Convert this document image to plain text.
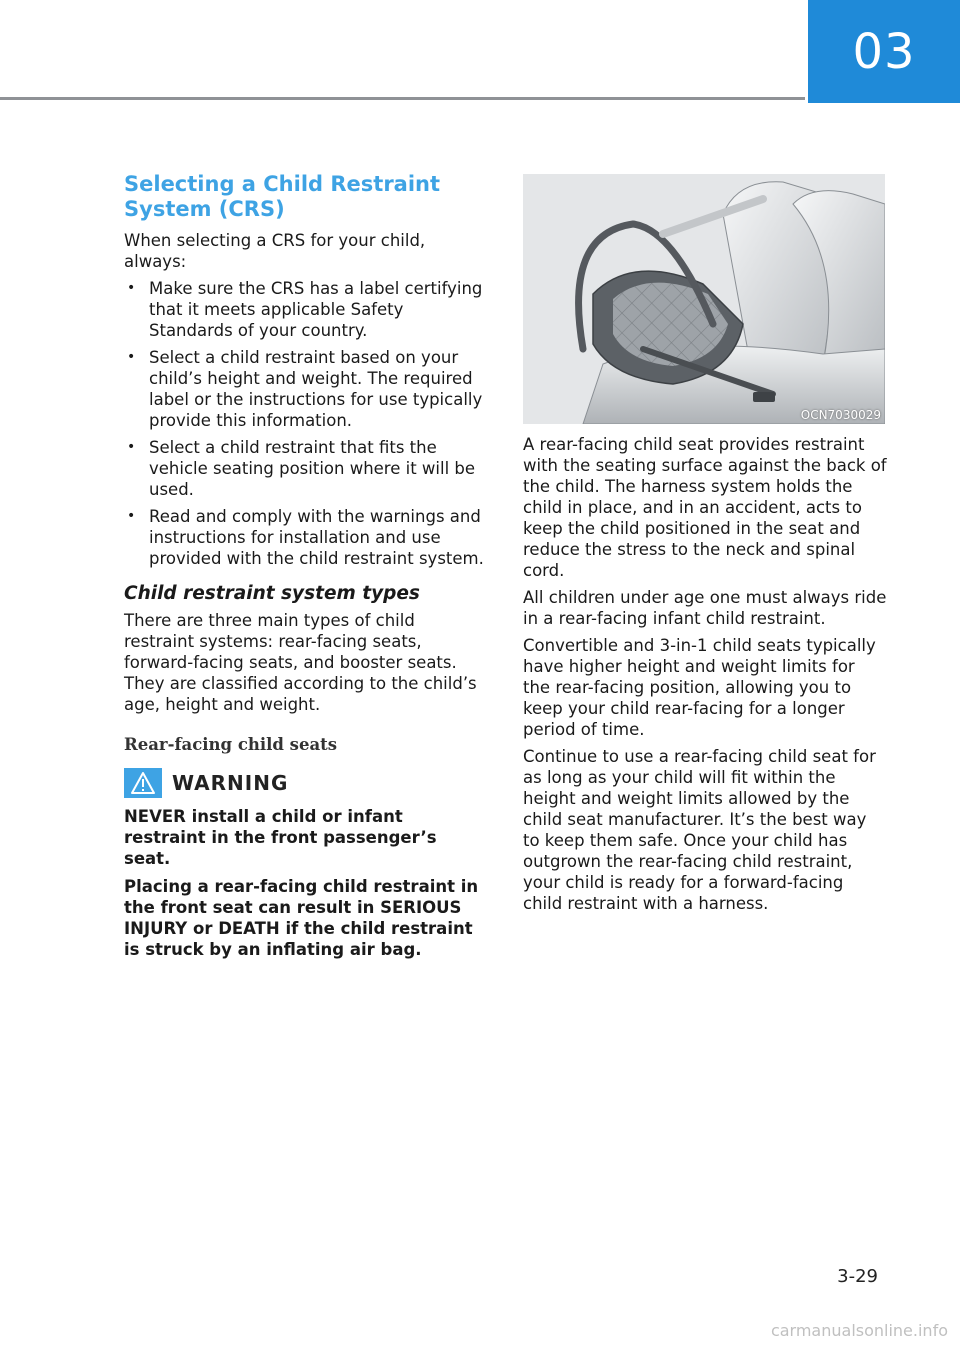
03
Selecting a Child Restraint System (CRS)

When selecting a CRS for your child, always:

• Make sure the CRS has a label certifying that it meets applicable Safety Standards of your country.
• Select a child restraint based on your child’s height and weight. The required label or the instructions for use typically provide this information.
• Select a child restraint that fits the vehicle seating position where it will be used.
• Read and comply with the warnings and instructions for installation and use provided with the child restraint system.
Child restraint system types

There are three main types of child restraint systems: rear-facing seats, forward-facing seats, and booster seats. They are classified according to the child’s age, height and weight.

Rear-facing child seats
WARNING

NEVER install a child or infant restraint in the front passenger’s seat.

Placing a rear-facing child restraint in the front seat can result in SERIOUS INJURY or DEATH if the child restraint is struck by an inflating air bag.

OCN7030029

A rear-facing child seat provides restraint with the seating surface against the back of the child. The harness system holds the child in place, and in an accident, acts to keep the child positioned in the seat and reduce the stress to the neck and spinal cord.

All children under age one must always ride in a rear-facing infant child restraint.

Convertible and 3-in-1 child seats typically have higher height and weight limits for the rear-facing position, allowing you to keep your child rear-facing for a longer period of time.

Continue to use a rear-facing child seat for as long as your child will fit within the height and weight limits allowed by the child seat manufacturer. It’s the best way to keep them safe. Once your child has outgrown the rear-facing child restraint, your child is ready for a forward-facing child restraint with a harness.

3-29
carmanualsonline.info
